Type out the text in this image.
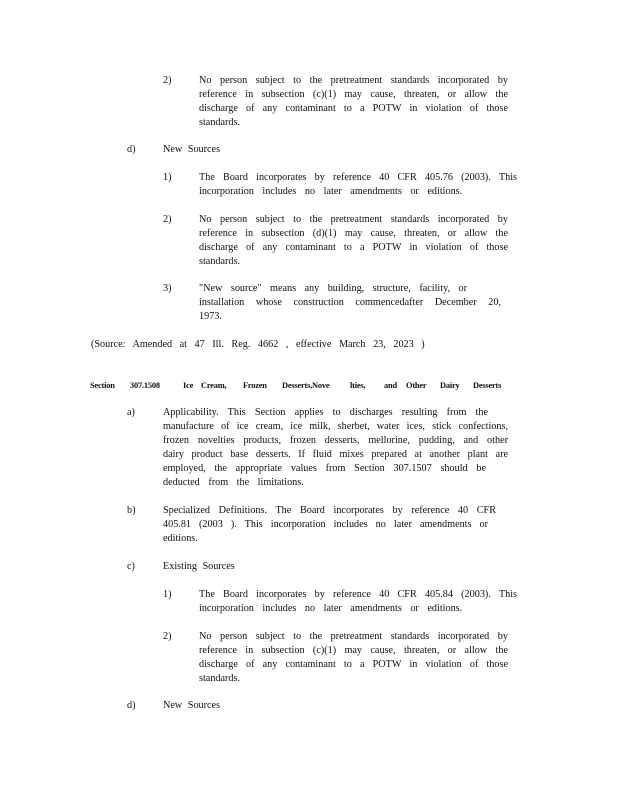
2)	No person subject to the pretreatment standards incorporated by
reference in subsection (c)(1) may cause, threaten, or allow the
discharge of any contaminant to a POTW in violation of those
standards.
d)	New Sources
1)	The Board incorporates by reference 40 CFR 405.76 (2003). This
incorporation includes no later amendments or editions.
2)	No person subject to the pretreatment standards incorporated by
reference in subsection (d)(1) may cause, threaten, or allow the
discharge of any contaminant to a POTW in violation of those
standards.
3)	"New source" means any building, structure, facility, or
installation whose construction commencedafter December 20,
1973.
(Source: Amended at 47 Ill. Reg. 4662 , effective March 23, 2023 )
Section 307.1508	Ice Cream, Frozen Desserts,Nove lties, and Other Dairy Desserts
a)	Applicability. This Section applies to discharges resulting from the
manufacture of ice cream, ice milk, sherbet, water ices, stick confections,
frozen novelties products, frozen desserts, mellorine, pudding, and other
dairy product base desserts. If fluid mixes prepared at another plant are
employed, the appropriate values from Section 307.1507 should be
deducted from the limitations.
b)	Specialized Definitions. The Board incorporates by reference 40 CFR
405.81 (2003 ). This incorporation includes no later amendments or
editions.
c)	Existing Sources
1)	The Board incorporates by reference 40 CFR 405.84 (2003). This
incorporation includes no later amendments or editions.
2)	No person subject to the pretreatment standards incorporated by
reference in subsection (c)(1) may cause, threaten, or allow the
discharge of any contaminant to a POTW in violation of those
standards.
d)	New Sources
